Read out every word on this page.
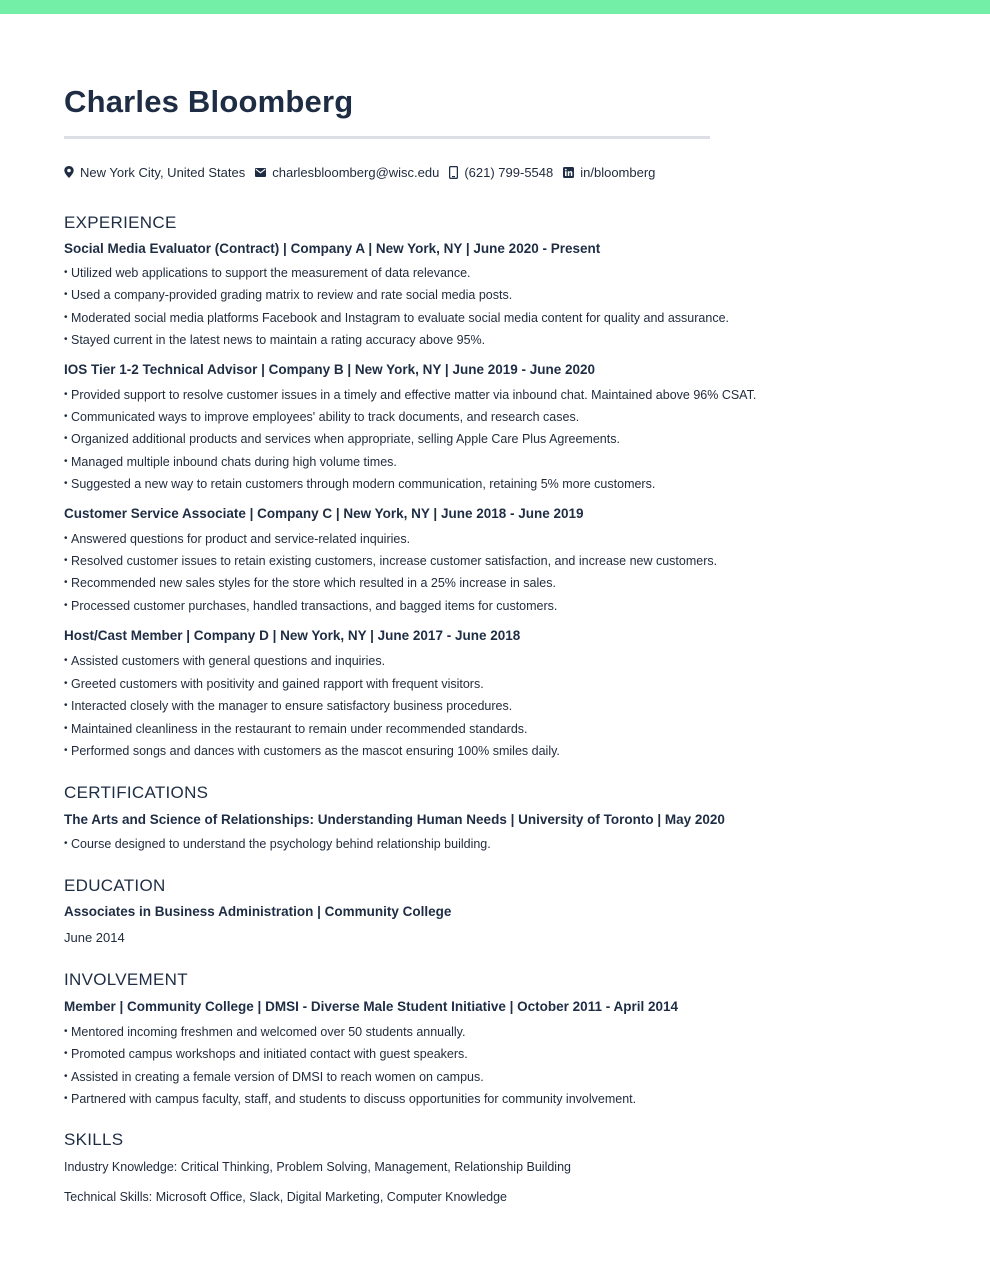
Charles Bloomberg
New York City, United States charlesbloomberg@wisc.edu (621) 799-5548 in/bloomberg
EXPERIENCE
Social Media Evaluator (Contract) | Company A | New York, NY | June 2020 - Present
• Utilized web applications to support the measurement of data relevance.
• Used a company-provided grading matrix to review and rate social media posts.
• Moderated social media platforms Facebook and Instagram to evaluate social media content for quality and assurance.
• Stayed current in the latest news to maintain a rating accuracy above 95%.
IOS Tier 1-2 Technical Advisor | Company B | New York, NY | June 2019 - June 2020
• Provided support to resolve customer issues in a timely and effective matter via inbound chat. Maintained above 96% CSAT.
• Communicated ways to improve employees' ability to track documents, and research cases.
• Organized additional products and services when appropriate, selling Apple Care Plus Agreements.
• Managed multiple inbound chats during high volume times.
• Suggested a new way to retain customers through modern communication, retaining 5% more customers.
Customer Service Associate | Company C | New York, NY | June 2018 - June 2019
• Answered questions for product and service-related inquiries.
• Resolved customer issues to retain existing customers, increase customer satisfaction, and increase new customers.
• Recommended new sales styles for the store which resulted in a 25% increase in sales.
• Processed customer purchases, handled transactions, and bagged items for customers.
Host/Cast Member | Company D | New York, NY | June 2017 - June 2018
• Assisted customers with general questions and inquiries.
• Greeted customers with positivity and gained rapport with frequent visitors.
• Interacted closely with the manager to ensure satisfactory business procedures.
• Maintained cleanliness in the restaurant to remain under recommended standards.
• Performed songs and dances with customers as the mascot ensuring 100% smiles daily.
CERTIFICATIONS
The Arts and Science of Relationships: Understanding Human Needs | University of Toronto | May 2020
• Course designed to understand the psychology behind relationship building.
EDUCATION
Associates in Business Administration | Community College
June 2014
INVOLVEMENT
Member | Community College | DMSI - Diverse Male Student Initiative | October 2011 - April 2014
• Mentored incoming freshmen and welcomed over 50 students annually.
• Promoted campus workshops and initiated contact with guest speakers.
• Assisted in creating a female version of DMSI to reach women on campus.
• Partnered with campus faculty, staff, and students to discuss opportunities for community involvement.
SKILLS
Industry Knowledge: Critical Thinking, Problem Solving, Management, Relationship Building
Technical Skills: Microsoft Office, Slack, Digital Marketing, Computer Knowledge
